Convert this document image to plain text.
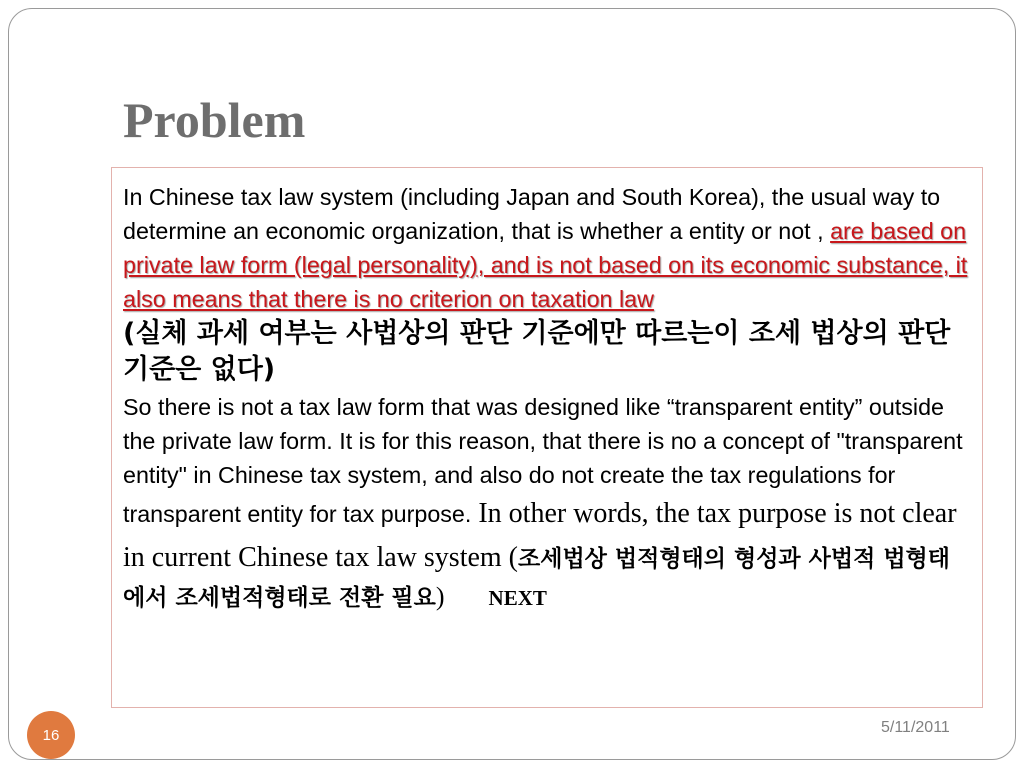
Problem

In Chinese tax law system (including Japan and South Korea), the usual way to determine an economic organization, that is whether a entity or not , are based on private law form (legal personality), and is not based on its economic substance, it also means that there is no criterion on taxation law

(실체 과세 여부는 사법상의 판단 기준에만 따르는이 조세 법상의 판단 기준은 없다)

So there is not a tax law form that was designed like “transparent entity” outside the private law form. It is for this reason, that there is no a concept of "transparent entity" in Chinese tax system, and also do not create the tax regulations for transparent entity for tax purpose. In other words, the tax purpose is not clear in current Chinese tax law system (조세법상 법적형태의 형성과 사법적 법형태에서 조세법적형태로 전환 필요) NEXT

16	5/11/2011
